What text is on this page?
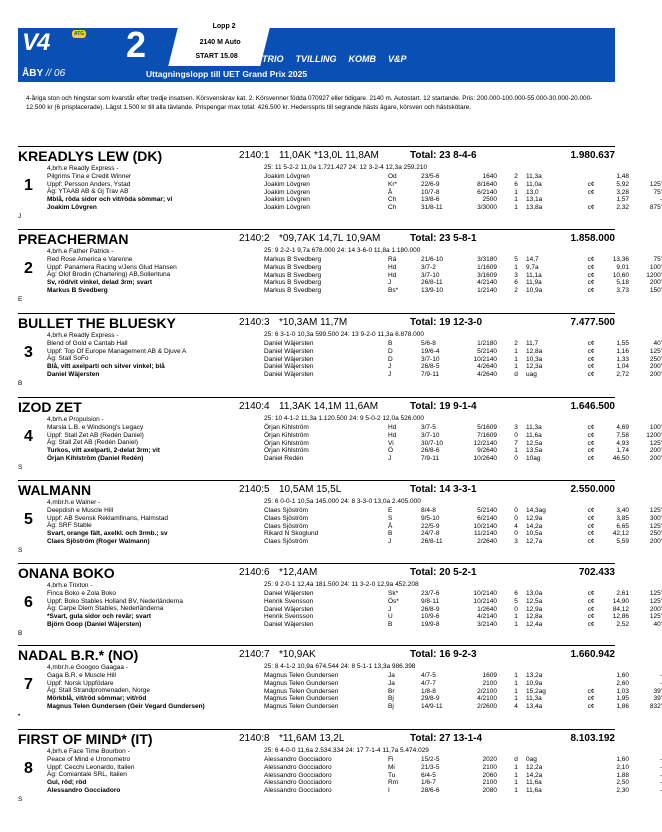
V4	ATG 2	Lopp 2
2140 M Auto
START 15.08	TRIO TVILLING KOMB V&P
ÅBY // 06	Uttagningslopp till UET Grand Prix 2025
4-åriga ston och hingstar som kvarstår efter tredje insatsen. Körsvenskrav kat. 2. Körsvenner födda 070927 eller tidigare. 2140 m. Autostart. 12 startande. Pris: 200.000-100.000-55.000-30.000-20.000-12.500 kr (6 prisplacerade). Lägst 1.500 kr till alla tävlande. Prispengar max total: 426.500 kr. Hedersspris till segrande hästs ägare, körsven och hästskötare.
KREADLYS LEW (DK)	2140:1 11,0AK *13,0L 11,8AM	Total: 23 8-4-6	1.980.637
1
J
4,brh.e Readly Express -
Pilgrims Tina e Credit Winner
Uppf: Persson Anders, Ystad
Äg: YTAAB AB & Gj Trav AB
Mblå, röda sidor och vit/röda sömmar; vi
Joakim Lövgren
25: 11 5-2-2 11,0a 1.721.427 24: 12 3-2-4 12,3a 259.210
Joakim Lövgren	Od	23/5-6	1640	2	11,3a	1,48
Joakim Lövgren	Kr*	22/6-9	8/1640	6	11,0a	c¢	5,92	125'
Joakim Lövgren	Å	10/7-8	6/2140	1	13,0	c¢	3,28	75'
Joakim Lövgren	Ch	13/8-6	2500	1	13,1a	1,57	-
Joakim Lövgren	Ch	31/8-11	3/3000	1	13,8a	c¢	2,32	875'
PREACHERMAN	2140:2 *09,7AK 14,7L 10,9AM	Total: 23 5-8-1	1.858.000
2
E
4,brh.e Father Patrick -
Red Rose America e Varenne
Uppf: Panamera Racing v/Jens Glud Hansen
Äg: Olof Brodin (Chartering) AB,Sollentuna
Sv, röd/vit vinkel, delad 3rm; svart
Markus B Svedberg
25: 9 2-2-1 9,7a 678.000 24: 14 3-6-0 11,8a 1.180.000
Markus B Svedberg	Rä	21/6-10	3/3180	5	14,7	c¢	13,36	75'
Markus B Svedberg	Hd	3/7-2	1/1609	1	9,7a	c¢	9,01	100'
Markus B Svedberg	Hd	3/7-10	3/1609	3	11,1a	c¢	10,60	1200'
Markus B Svedberg	J	26/8-11	4/2140	6	11,9a	c¢	5,18	200'
Markus B Svedberg	Bs*	13/9-10	1/2140	2	10,9a	c¢	3,73	150'
BULLET THE BLUESKY	2140:3 *10,3AM 11,7M	Total: 19 12-3-0	7.477.500
3
B
4,brh.e Readly Express -
Blend of Gold e Cantab Hall
Uppf: Top Of Europe Management AB & Djuve A
Äg: Stall SoFo
Blå, vitt axelparti och silver vinkel; blå
Daniel Wäjersten
25: 6 3-1-0 10,3a 599.500 24: 13 9-2-0 11,3a 6.878.000
Daniel Wäjersten	B	5/6-8	1/2180	2	11,7	c¢	1,55	40'
Daniel Wäjersten	D	19/6-4	5/2140	1	12,8a	c¢	1,16	125'
Daniel Wäjersten	D	3/7-10	10/2140	1	10,3a	c¢	1,33	250'
Daniel Wäjersten	J	26/8-5	4/2640	1	12,3a	c¢	1,04	200'
Daniel Wäjersten	J	7/9-11	4/2640	d	uag	c¢	2,72	200'
IZOD ZET	2140:4 11,3AK 14,1M 11,6AM	Total: 19 9-1-4	1.646.500
4
S
4,brh.e Propulsion -
Marsla L.B. e Windsong's Legacy
Uppf: Stall Zet AB (Redén Daniel)
Äg: Stall Zet AB (Redén Daniel)
Turkos, vitt axelparti, 2-delat 3rm; vit
Örjan Kihlström (Daniel Redén)
25: 10 4-1-2 11,3a 1.120.500 24: 9 5-0-2 12,0a 526.000
Örjan Kihlström	Hd	3/7-5	5/1609	3	11,3a	c¢	4,69	100'
Örjan Kihlström	Hd	3/7-10	7/1609	0	11,6a	c¢	7,58	1200'
Örjan Kihlström	Vi	30/7-10	12/2140	7	12,5a	c¢	4,93	125'
Örjan Kihlström	Ö	26/8-6	9/2640	1	13,5a	c¢	1,74	200'
Daniel Redén	J	7/9-11	10/2640	0	10ag	c¢	46,50	200'
WALMANN	2140:5 10,5AM 15,5L	Total: 14 3-3-1	2.550.000
5
S
4,mbr.h.e Walner -
Deepdish e Muscle Hill
Uppf: AB Svensk Reklamfinans, Halmstad
Äg: SRF Stable
Svart, orange fält, axelkl. och 3rmb.; sv
Claes Sjöström (Roger Walmann)
25: 6 0-0-1 10,5a 145.000 24: 8 3-3-0 13,0a 2.405.000
Claes Sjöström	E	8/4-8	5/2140	0	14,3ag	c¢	3,40	125'
Claes Sjöström	S	9/5-10	6/2140	0	12,9a	c¢	3,85	300'
Claes Sjöström	Å	22/5-9	10/2140	4	14,2a	c¢	6,65	125'
Rikard N Skoglund	B	24/7-8	11/2140	0	10,5a	c¢	42,12	250'
Claes Sjöström	J	26/8-11	2/2640	3	12,7a	c¢	5,59	200'
ONANA BOKO	2140:6 *12,4AM	Total: 20 5-2-1	702.433
6
B
4,brh.e Trixton -
Finca Boko e Zola Boko
Uppf: Boko Stables Holland BV, Nederländerna
Äg: Carpe Diem Stables, Nederländerna
*Svart, gula sidor och revär; svart
Björn Goop (Daniel Wäjersten)
25: 9 2-0-1 12,4a 181.500 24: 11 3-2-0 12,9a 452.208
Daniel Wäjersten	Sk*	23/7-6	10/2140	6	13,0a	c¢	2,61	125'
Henrik Svensson	Ös*	9/8-11	10/2140	5	12,5a	c¢	14,90	125'
Daniel Wäjersten	J	26/8-9	1/2640	0	12,9a	c¢	84,12	200'
Henrik Svensson	U	10/9-6	4/2140	1	12,8a	c¢	12,86	125'
Daniel Wäjersten	B	19/9-8	3/2140	1	12,4a	c¢	2,52	40'
NADAL B.R.* (NO)	2140:7 *10,9AK	Total: 16 9-2-3	1.660.942
7
•
4,mbr.h.e Googoo Gaagaa -
Gaga B.R. e Muscle Hill
Uppf: Norsk Uppfödare
Äg: Stall Strandpromenaden, Norge
Mörkblå, vit/röd sömmar; vit/röd
Magnus Telen Gundersen (Geir Vegard Gundersen)
25: 8 4-1-2 10,9a 674.544 24: 8 5-1-1 13,3a 986.398
Magnus Telen Gundersen	Ja	4/7-5	1609	1	13,2a	1,60	-
Magnus Telen Gundersen	Ja	4/7-7	2100	1	10,9a	2,60	-
Magnus Telen Gundersen	Br	1/8-8	2/2100	1	15,2ag	c¢	1,03	39'
Magnus Telen Gundersen	Bj	29/8-9	4/2100	1	11,3a	c¢	1,95	39'
Magnus Telen Gundersen	Bj	14/9-11	2/2600	4	13,4a	c¢	1,86	832'
FIRST OF MIND* (IT)	2140:8 *11,6AM 13,2L	Total: 27 13-1-4	8.103.192
8
S
4,brh.e Face Time Bourbon -
Peace of Mind e Uronometro
Uppf: Cecchi Leonardo, Italien
Äg: Comiantale SRL, Italien
Gul, röd; röd
Alessandro Gocciadoro
25: 6 4-0-0 11,6a 2.534.334 24: 17 7-1-4 11,7a 5.474.029
Alessandro Gocciadoro	Fi	15/2-5	2020	d	0ag	1,60	-
Alessandro Gocciadoro	Mi	21/3-5	2100	1	12,2a	2,10	-
Alessandro Gocciadoro	Tu	6/4-5	2060	1	14,2a	1,88	-
Alessandro Gocciadoro	Rm	1/6-7	2100	1	11,6a	2,50	-
Alessandro Gocciadoro	I	28/6-6	2080	1	11,6a	2,30	-
